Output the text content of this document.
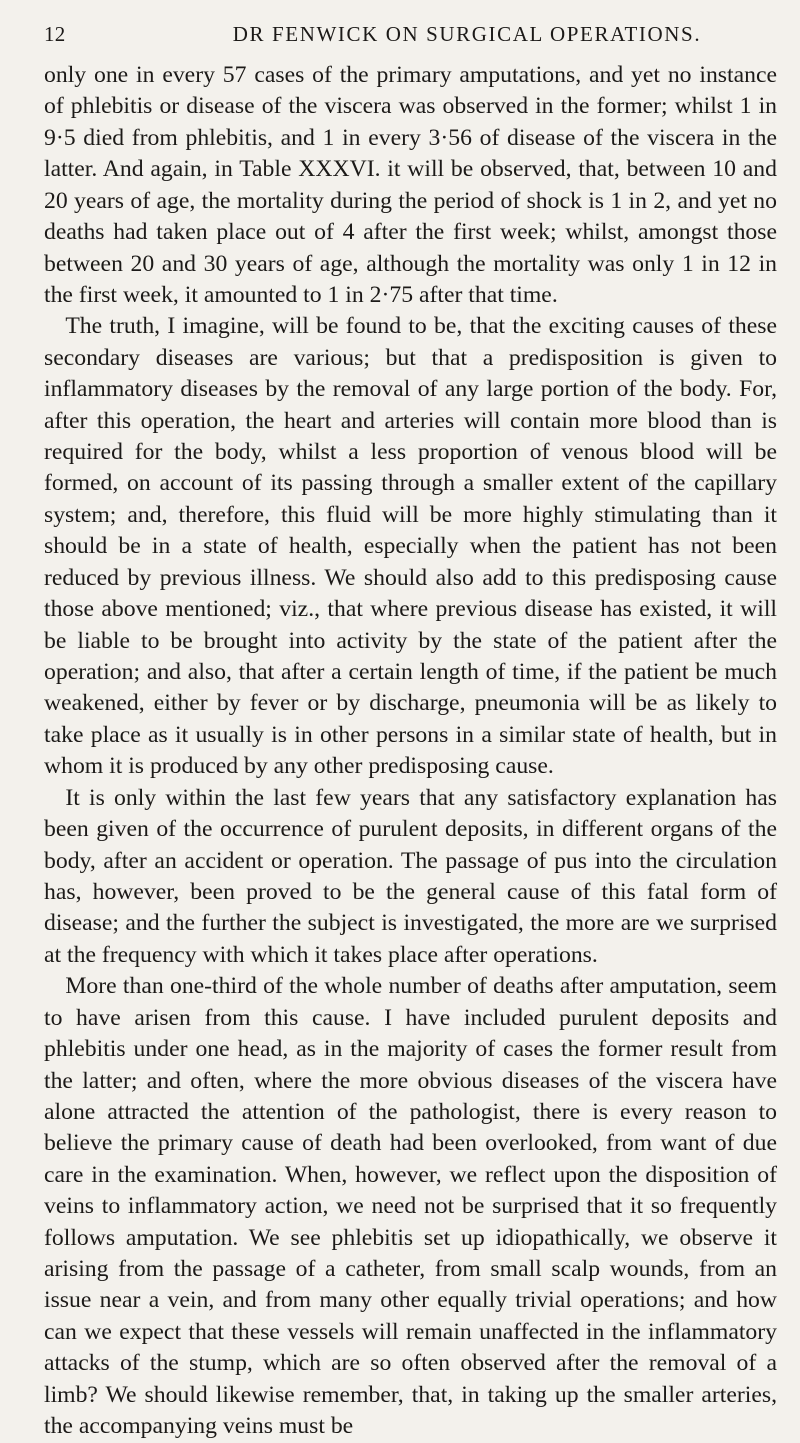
12	DR FENWICK ON SURGICAL OPERATIONS.

only one in every 57 cases of the primary amputations, and yet no instance of phlebitis or disease of the viscera was observed in the former; whilst 1 in 9·5 died from phlebitis, and 1 in every 3·56 of disease of the viscera in the latter. And again, in Table XXXVI. it will be observed, that, between 10 and 20 years of age, the mortality during the period of shock is 1 in 2, and yet no deaths had taken place out of 4 after the first week; whilst, amongst those between 20 and 30 years of age, although the mortality was only 1 in 12 in the first week, it amounted to 1 in 2·75 after that time.

The truth, I imagine, will be found to be, that the exciting causes of these secondary diseases are various; but that a predisposition is given to inflammatory diseases by the removal of any large portion of the body. For, after this operation, the heart and arteries will contain more blood than is required for the body, whilst a less proportion of venous blood will be formed, on account of its passing through a smaller extent of the capillary system; and, therefore, this fluid will be more highly stimulating than it should be in a state of health, especially when the patient has not been reduced by previous illness. We should also add to this predisposing cause those above mentioned; viz., that where previous disease has existed, it will be liable to be brought into activity by the state of the patient after the operation; and also, that after a certain length of time, if the patient be much weakened, either by fever or by discharge, pneumonia will be as likely to take place as it usually is in other persons in a similar state of health, but in whom it is produced by any other predisposing cause.

It is only within the last few years that any satisfactory explanation has been given of the occurrence of purulent deposits, in different organs of the body, after an accident or operation. The passage of pus into the circulation has, however, been proved to be the general cause of this fatal form of disease; and the further the subject is investigated, the more are we surprised at the frequency with which it takes place after operations.

More than one-third of the whole number of deaths after amputation, seem to have arisen from this cause. I have included purulent deposits and phlebitis under one head, as in the majority of cases the former result from the latter; and often, where the more obvious diseases of the viscera have alone attracted the attention of the pathologist, there is every reason to believe the primary cause of death had been overlooked, from want of due care in the examination. When, however, we reflect upon the disposition of veins to inflammatory action, we need not be surprised that it so frequently follows amputation. We see phlebitis set up idiopathically, we observe it arising from the passage of a catheter, from small scalp wounds, from an issue near a vein, and from many other equally trivial operations; and how can we expect that these vessels will remain unaffected in the inflammatory attacks of the stump, which are so often observed after the removal of a limb? We should likewise remember, that, in taking up the smaller arteries, the accompanying veins must be
